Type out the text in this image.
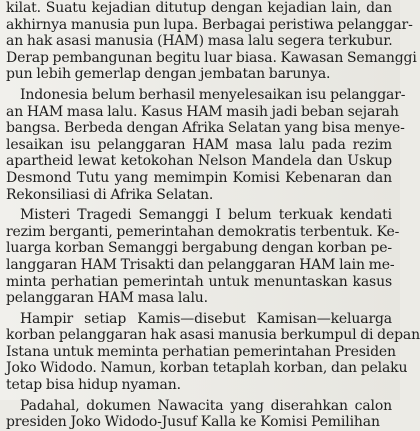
kilat. Suatu kejadian ditutup dengan kejadian lain, dan
akhirnya manusia pun lupa. Berbagai peristiwa pelanggar-
an hak asasi manusia (HAM) masa lalu segera terkubur.
Derap pembangunan begitu luar biasa. Kawasan Semanggi
pun lebih gemerlap dengan jembatan barunya.
Indonesia belum berhasil menyelesaikan isu pelanggar-
an HAM masa lalu. Kasus HAM masih jadi beban sejarah
bangsa. Berbeda dengan Afrika Selatan yang bisa menye-
lesaikan isu pelanggaran HAM masa lalu pada rezim
apartheid lewat ketokohan Nelson Mandela dan Uskup
Desmond Tutu yang memimpin Komisi Kebenaran dan
Rekonsiliasi di Afrika Selatan.
Misteri Tragedi Semanggi I belum terkuak kendati
rezim berganti, pemerintahan demokratis terbentuk. Ke-
luarga korban Semanggi bergabung dengan korban pe-
langgaran HAM Trisakti dan pelanggaran HAM lain me-
minta perhatian pemerintah untuk menuntaskan kasus
pelanggaran HAM masa lalu.
Hampir setiap Kamis—disebut Kamisan—keluarga
korban pelanggaran hak asasi manusia berkumpul di depan
Istana untuk meminta perhatian pemerintahan Presiden
Joko Widodo. Namun, korban tetaplah korban, dan pelaku
tetap bisa hidup nyaman.
Padahal, dokumen Nawacita yang diserahkan calon
presiden Joko Widodo-Jusuf Kalla ke Komisi Pemilihan
